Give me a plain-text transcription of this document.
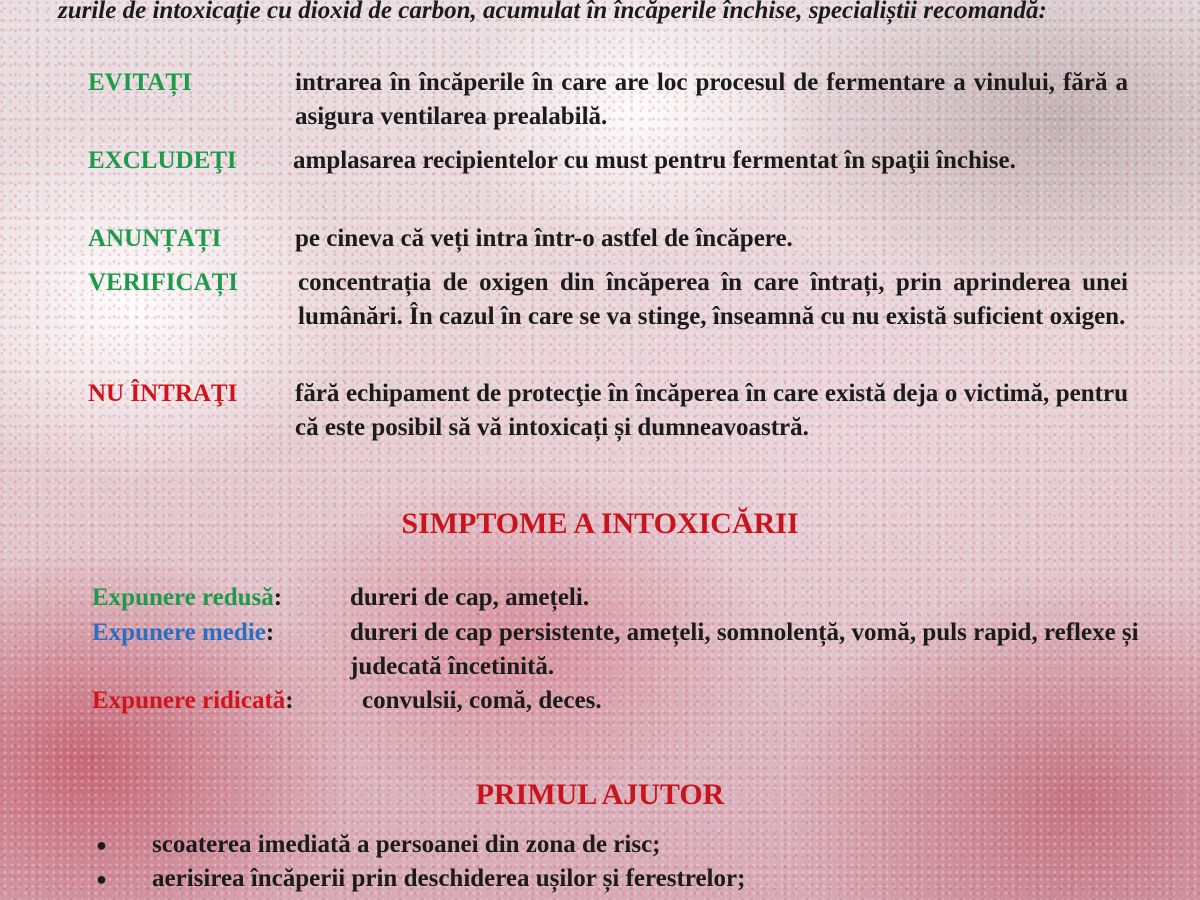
zurile de intoxicație cu dioxid de carbon, acumulat în încăperile închise, specialiștii recomandă:

EVITAȚI	intrarea în încăperile în care are loc procesul de fermentare a vinului, fără a asigura ventilarea prealabilă.
EXCLUDEŢI	amplasarea recipientelor cu must pentru fermentat în spaţii închise.
ANUNȚAȚI	pe cineva că veți intra într-o astfel de încăpere.
VERIFICAȚI	concentrația de oxigen din încăperea în care întrați, prin aprinderea unei lumânări. În cazul în care se va stinge, înseamnă cu nu există suficient oxigen.
NU ÎNTRAŢI	fără echipament de protecţie în încăperea în care există deja o victimă, pentru că este posibil să vă intoxicați și dumneavoastră.
SIMPTOME A INTOXICĂRII
Expunere redusă:	dureri de cap, amețeli.
Expunere medie:	dureri de cap persistente, amețeli, somnolență, vomă, puls rapid, reflexe și judecată încetinită.
Expunere ridicată:	convulsii, comă, deces.
PRIMUL AJUTOR
● scoaterea imediată a persoanei din zona de risc;
● aerisirea încăperii prin deschiderea ușilor și ferestrelor;
